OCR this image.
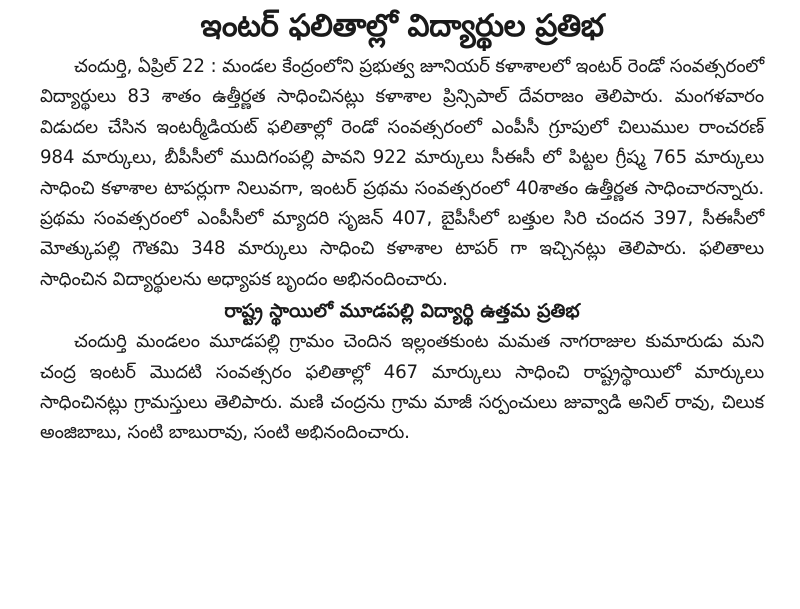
ఇంటర్ ఫలితాల్లో విద్యార్థుల ప్రతిభ

చందుర్తి, ఏప్రిల్ 22 : మండల కేంద్రంలోని ప్రభుత్వ జూనియర్ కళాశాలలో ఇంటర్ రెండో సంవత్సరంలో విద్యార్థులు 83 శాతం ఉత్తీర్ణత సాధించినట్లు కళాశాల ప్రిన్సిపాల్ దేవరాజం తెలిపారు. మంగళవారం విడుదల చేసిన ఇంటర్మీడియట్ ఫలితాల్లో రెండో సంవత్సరంలో ఎంపీసీ గ్రూపులో చిలుముల రాంచరణ్ 984 మార్కులు, బీపీసీలో ముదిగంపల్లి పావని 922 మార్కులు సీఈసీ లో పిట్టల గ్రీష్మ 765 మార్కులు సాధించి కళాశాల టాపర్లుగా నిలువగా, ఇంటర్ ప్రథమ సంవత్సరంలో 40శాతం ఉత్తీర్ణత సాధించారన్నారు. ప్రథమ సంవత్సరంలో ఎంపీసీలో మ్యాదరి సృజన్ 407, బైపీసీలో బత్తుల సిరి చందన 397, సీఈసీలో మోత్కుపల్లి గౌతమి 348 మార్కులు సాధించి కళాశాల టాపర్ గా ఇచ్చినట్లు తెలిపారు. ఫలితాలు సాధించిన విద్యార్థులను అధ్యాపక బృందం అభినందించారు.

రాష్ట్ర స్థాయిలో మూడపల్లి విద్యార్థి ఉత్తమ ప్రతిభ

చందుర్తి మండలం మూడపల్లి గ్రామం చెందిన ఇల్లంతకుంట మమత నాగరాజుల కుమారుడు మని చంద్ర ఇంటర్ మొదటి సంవత్సరం ఫలితాల్లో 467 మార్కులు సాధించి రాష్ట్రస్థాయిలో మార్కులు సాధించినట్లు గ్రామస్తులు తెలిపారు. మణి చంద్రను గ్రామ మాజీ సర్పంచులు జువ్వాడి అనిల్ రావు, చిలుక అంజిబాబు, సంటి బాబురావు, సంటి అభినందించారు.
